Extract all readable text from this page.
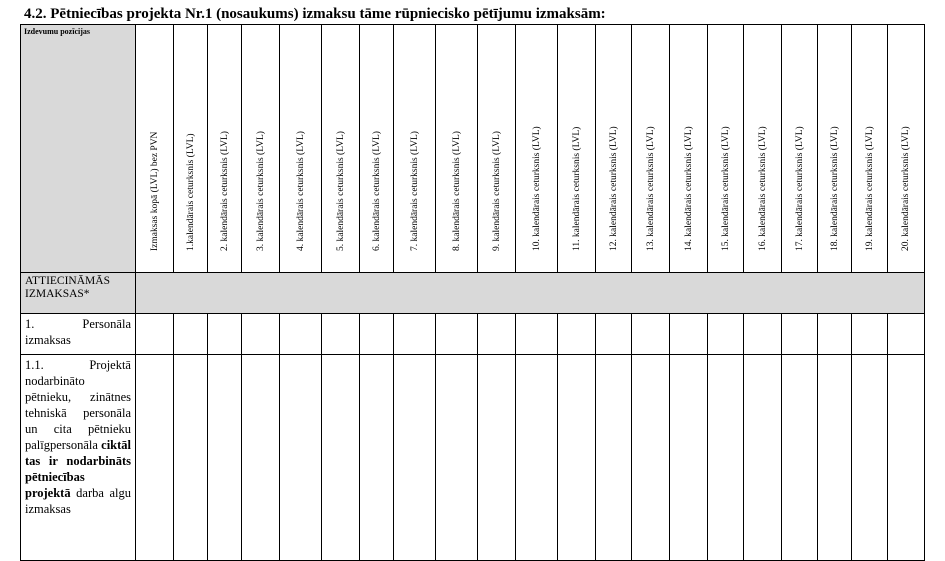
4.2. Pētniecības projekta Nr.1 (nosaukums) izmaksu tāme rūpniecisko pētījumu izmaksām:
Izdevumu pozīcijas	Izmaksas kopā (LVL) bez PVN	1.kalendārais ceturksnis (LVL)	2. kalendārais ceturksnis (LVL)	3. kalendārais ceturksnis (LVL)	4. kalendārais ceturksnis (LVL)	5. kalendārais ceturksnis (LVL)	6. kalendārais ceturksnis (LVL)	7. kalendārais ceturksnis (LVL)	8. kalendārais ceturksnis (LVL)	9. kalendārais ceturksnis (LVL)	10. kalendārais ceturksnis (LVL)	11. kalendārais ceturksnis (LVL)	12. kalendārais ceturksnis (LVL)	13. kalendārais ceturksnis (LVL)	14. kalendārais ceturksnis (LVL)	15. kalendārais ceturksnis (LVL)	16. kalendārais ceturksnis (LVL)	17. kalendārais ceturksnis (LVL)	18. kalendārais ceturksnis (LVL)	19. kalendārais ceturksnis (LVL)	20. kalendārais ceturksnis (LVL)

ATTIECINĀMĀS IZMAKSAS*																					
1. Personāla izmaksas																					
1.1. Projektā nodarbināto pētnieku, zinātnes tehniskā personāla un cita pētnieku palīgpersonāla ciktāl tas ir nodarbināts pētniecības projektā darba algu izmaksas																					
